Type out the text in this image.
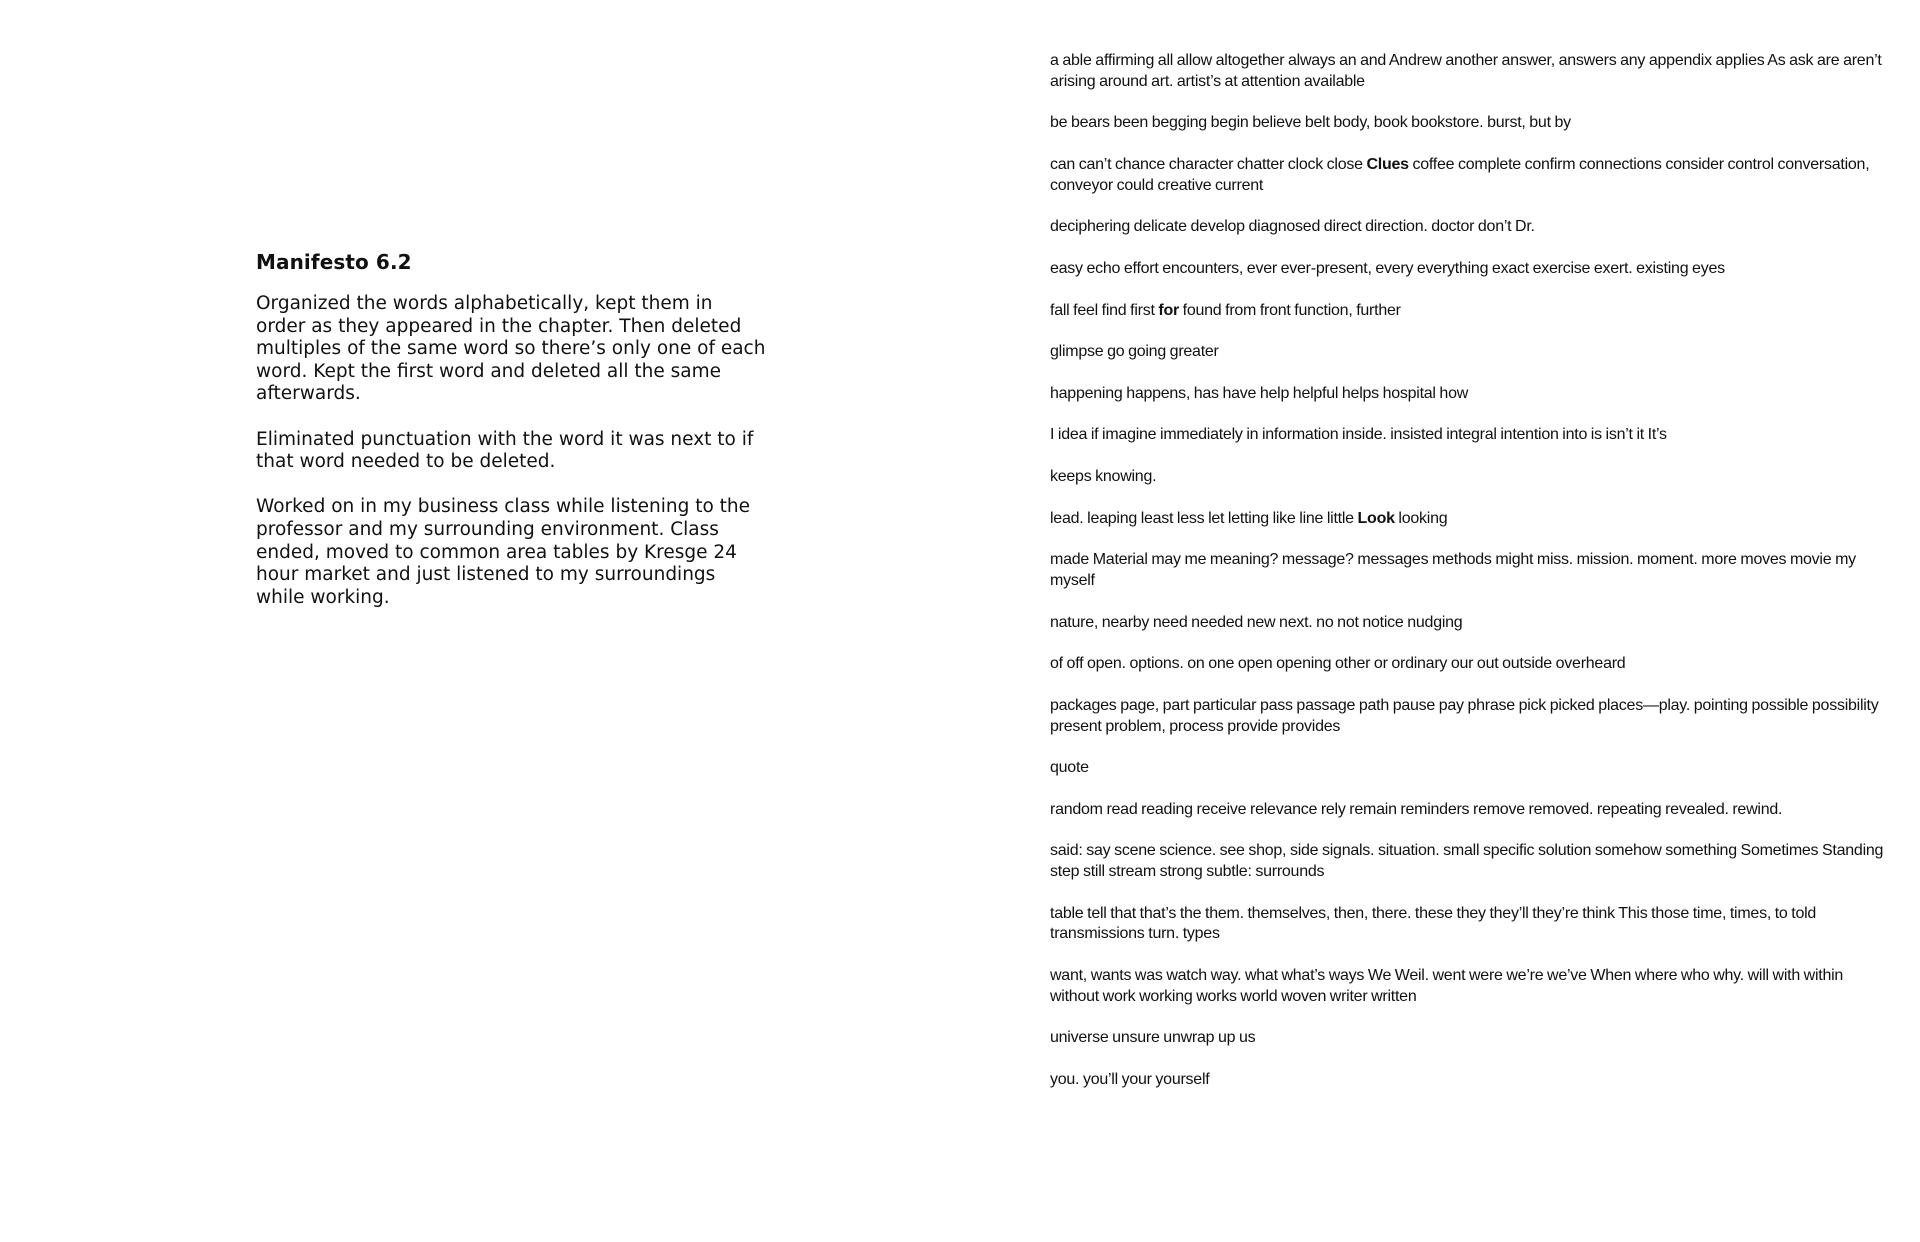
Manifesto 6.2

Organized the words alphabetically, kept them in order as they appeared in the chapter. Then deleted multiples of the same word so there’s only one of each word. Kept the first word and deleted all the same afterwards.

Eliminated punctuation with the word it was next to if that word needed to be deleted.

Worked on in my business class while listening to the professor and my surrounding environment. Class ended, moved to common area tables by Kresge 24 hour market and just listened to my surroundings while working.

a able affirming all allow altogether always an and Andrew another answer, answers any appendix applies As ask are aren’t arising around art. artist’s at attention available

be bears been begging begin believe belt body, book bookstore. burst, but by

can can’t chance character chatter clock close Clues coffee complete confirm connections consider control conversation, conveyor could creative current

deciphering delicate develop diagnosed direct direction. doctor don’t Dr.

easy echo effort encounters, ever ever-present, every everything exact exercise exert. existing eyes

fall feel find first for found from front function, further

glimpse go going greater

happening happens, has have help helpful helps hospital how

I idea if imagine immediately in information inside. insisted integral intention into is isn’t it It’s

keeps knowing.

lead. leaping least less let letting like line little Look looking

made Material may me meaning? message? messages methods might miss. mission. moment. more moves movie my myself

nature, nearby need needed new next. no not notice nudging

of off open. options. on one open opening other or ordinary our out outside overheard

packages page, part particular pass passage path pause pay phrase pick picked places—play. pointing possible possibility present problem, process provide provides

quote

random read reading receive relevance rely remain reminders remove removed. repeating revealed. rewind.

said: say scene science. see shop, side signals. situation. small specific solution somehow something Sometimes Standing step still stream strong subtle: surrounds

table tell that that’s the them. themselves, then, there. these they they’ll they’re think This those time, times, to told transmissions turn. types

want, wants was watch way. what what’s ways We Weil. went were we’re we’ve When where who why. will with within without work working works world woven writer written

universe unsure unwrap up us

you. you’ll your yourself
